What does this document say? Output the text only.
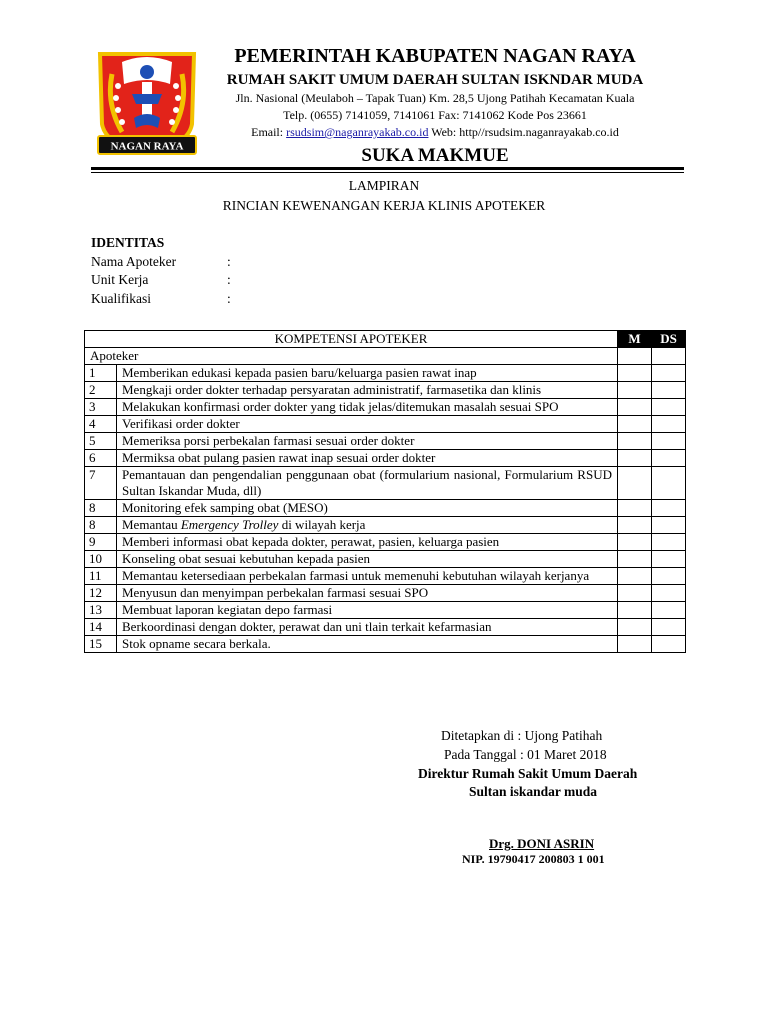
NAGAN RAYA
PEMERINTAH KABUPATEN NAGAN RAYA
RUMAH SAKIT UMUM DAERAH SULTAN ISKNDAR MUDA
Jln. Nasional (Meulaboh – Tapak Tuan) Km. 28,5 Ujong Patihah Kecamatan Kuala
Telp. (0655) 7141059, 7141061 Fax: 7141062 Kode Pos 23661
Email: rsudsim@naganrayakab.co.id Web: http//rsudsim.naganrayakab.co.id
SUKA MAKMUE
LAMPIRAN
RINCIAN KEWENANGAN KERJA KLINIS APOTEKER
IDENTITAS
Nama Apoteker	:
Unit Kerja	:
Kualifikasi	:
KOMPETENSI APOTEKER		M	DS
Apoteker			
1	Memberikan edukasi kepada pasien baru/keluarga pasien rawat inap		
2	Mengkaji order dokter terhadap persyaratan administratif, farmasetika dan klinis		
3	Melakukan konfirmasi order dokter yang tidak jelas/ditemukan masalah sesuai SPO		
4	Verifikasi order dokter		
5	Memeriksa porsi perbekalan farmasi sesuai order dokter		
6	Mermiksa obat pulang pasien rawat inap sesuai order dokter		
7	Pemantauan dan pengendalian penggunaan obat (formularium nasional, Formularium RSUD Sultan Iskandar Muda, dll)		
8	Monitoring efek samping obat (MESO)		
8	Memantau Emergency Trolley di wilayah kerja		
9	Memberi informasi obat kepada dokter, perawat, pasien, keluarga pasien		
10	Konseling obat sesuai kebutuhan kepada pasien		
11	Memantau ketersediaan perbekalan farmasi untuk memenuhi kebutuhan wilayah kerjanya		
12	Menyusun dan menyimpan perbekalan farmasi sesuai SPO		
13	Membuat laporan kegiatan depo farmasi		
14	Berkoordinasi dengan dokter, perawat dan uni tlain terkait kefarmasian		
15	Stok opname secara berkala.		
Ditetapkan di : Ujong Patihah
Pada Tanggal : 01 Maret 2018
Direktur Rumah Sakit Umum Daerah
Sultan iskandar muda
Drg. DONI ASRIN
NIP. 19790417 200803 1 001
